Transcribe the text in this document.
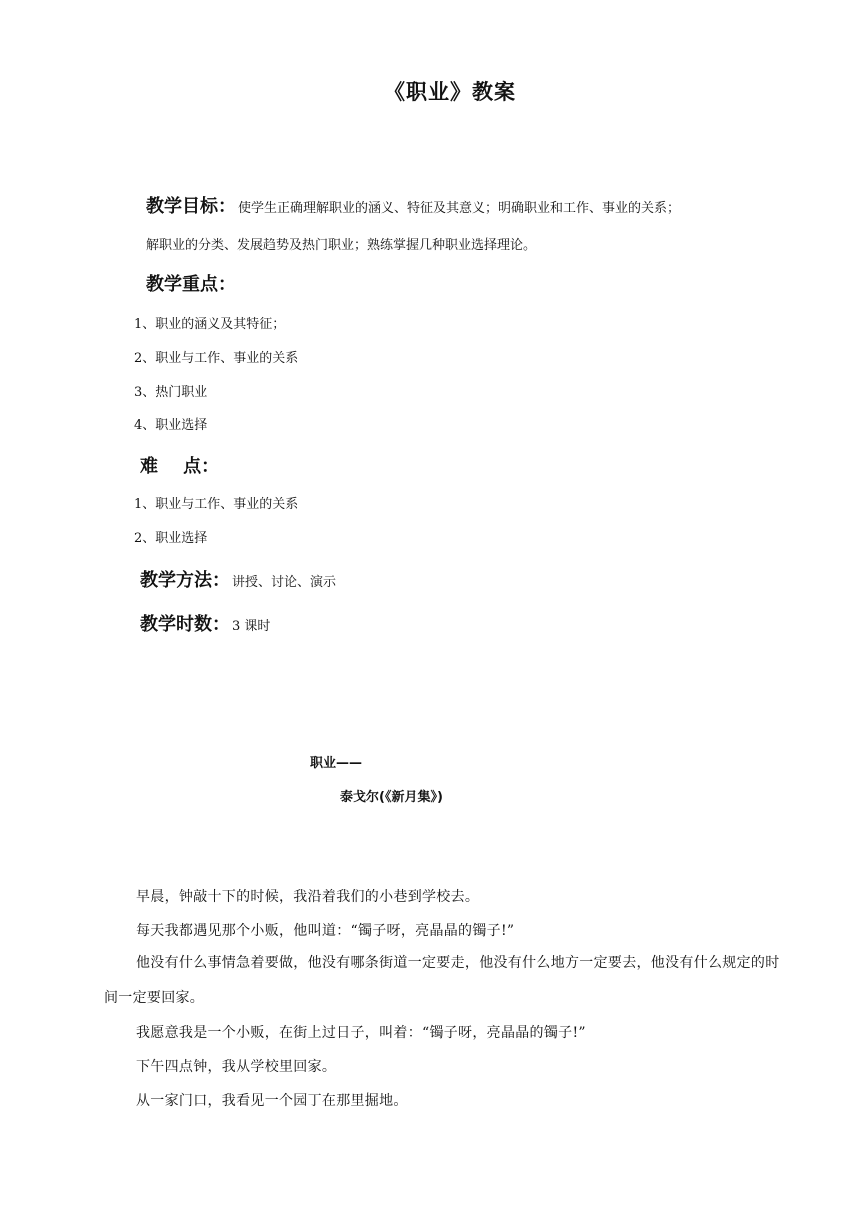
《职业》教案
教学目标： 使学生正确理解职业的涵义、特征及其意义；明确职业和工作、事业的关系；
解职业的分类、发展趋势及热门职业；熟练掌握几种职业选择理论。
教学重点：
1、职业的涵义及其特征；
2、职业与工作、事业的关系
3、热门职业
4、职业选择
难    点：
1、职业与工作、事业的关系
2、职业选择
教学方法： 讲授、讨论、演示
教学时数： 3 课时
职业——
泰戈尔(《新月集》)
早晨，钟敲十下的时候，我沿着我们的小巷到学校去。
每天我都遇见那个小贩，他叫道：“镯子呀，亮晶晶的镯子!”
他没有什么事情急着要做，他没有哪条街道一定要走，他没有什么地方一定要去，他没有什么规定的时间一定要回家。
我愿意我是一个小贩，在街上过日子，叫着：“镯子呀，亮晶晶的镯子!”
下午四点钟，我从学校里回家。
从一家门口，我看见一个园丁在那里掘地。
